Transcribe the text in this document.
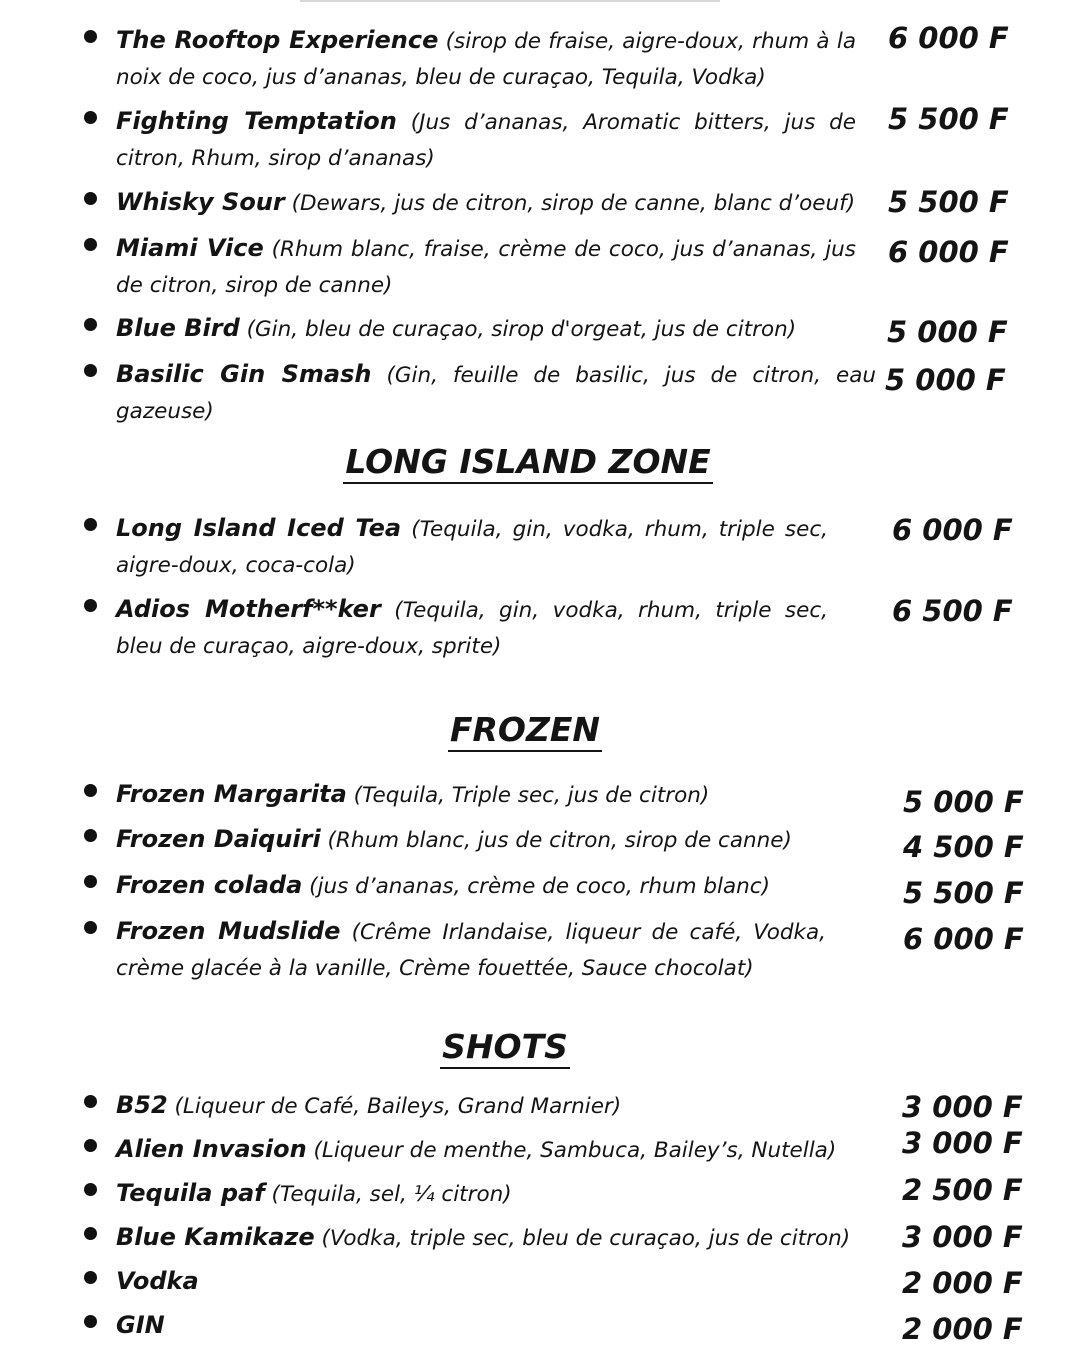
The Rooftop Experience (sirop de fraise, aigre-doux, rhum à la noix de coco, jus d’ananas, bleu de curaçao, Tequila, Vodka)
6 000 F
Fighting Temptation (Jus d’ananas, Aromatic bitters, jus de citron, Rhum, sirop d’ananas)
5 500 F
Whisky Sour (Dewars, jus de citron, sirop de canne, blanc d’oeuf) 5 500 F
Miami Vice (Rhum blanc, fraise, crème de coco, jus d’ananas, jus de citron, sirop de canne)
6 000 F
Blue Bird (Gin, bleu de curaçao, sirop d'orgeat, jus de citron)	5 000 F
Basilic Gin Smash (Gin, feuille de basilic, jus de citron, eau gazeuse)
5 000 F
LONG ISLAND ZONE
Long Island Iced Tea (Tequila, gin, vodka, rhum, triple sec, aigre-doux, coca-cola)
6 000 F
Adios Motherf**ker (Tequila, gin, vodka, rhum, triple sec, bleu de curaçao, aigre-doux, sprite)
6 500 F
FROZEN
Frozen Margarita (Tequila, Triple sec, jus de citron)	5 000 F
Frozen Daiquiri (Rhum blanc, jus de citron, sirop de canne)	4 500 F
Frozen colada (jus d’ananas, crème de coco, rhum blanc)	5 500 F
Frozen Mudslide (Crême Irlandaise, liqueur de café, Vodka, crème glacée à la vanille, Crème fouettée, Sauce chocolat)
6 000 F
SHOTS
B52 (Liqueur de Café, Baileys, Grand Marnier)	3 000 F
Alien Invasion (Liqueur de menthe, Sambuca, Bailey’s, Nutella)	3 000 F
Tequila paf (Tequila, sel, ¼ citron)	2 500 F
Blue Kamikaze (Vodka, triple sec, bleu de curaçao, jus de citron)	3 000 F
Vodka	2 000 F
GIN	2 000 F
